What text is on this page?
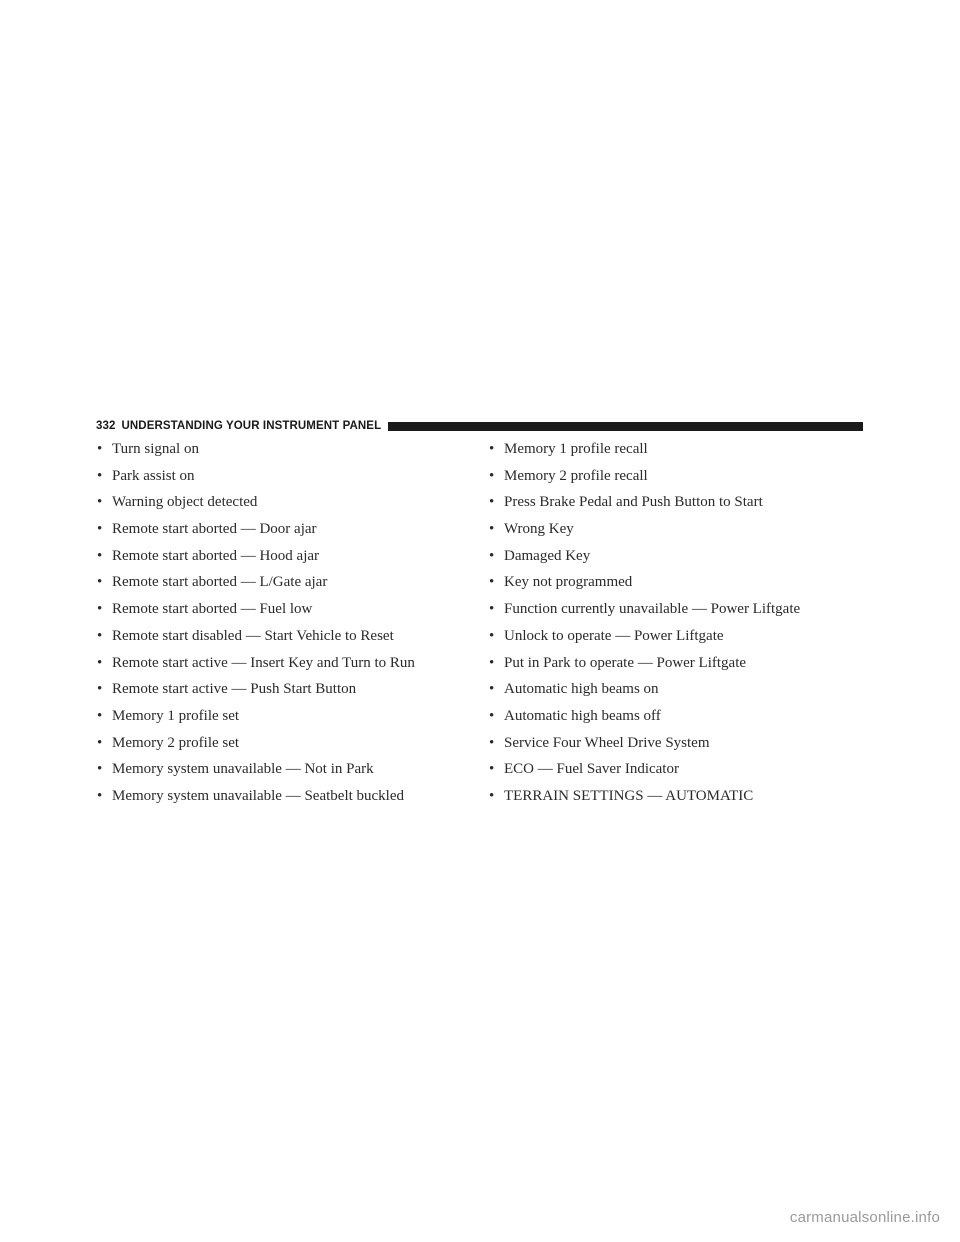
332 UNDERSTANDING YOUR INSTRUMENT PANEL
• Turn signal on
• Park assist on
• Warning object detected
• Remote start aborted — Door ajar
• Remote start aborted — Hood ajar
• Remote start aborted — L/Gate ajar
• Remote start aborted — Fuel low
• Remote start disabled — Start Vehicle to Reset
• Remote start active — Insert Key and Turn to Run
• Remote start active — Push Start Button
• Memory 1 profile set
• Memory 2 profile set
• Memory system unavailable — Not in Park
• Memory system unavailable — Seatbelt buckled
• Memory 1 profile recall
• Memory 2 profile recall
• Press Brake Pedal and Push Button to Start
• Wrong Key
• Damaged Key
• Key not programmed
• Function currently unavailable — Power Liftgate
• Unlock to operate — Power Liftgate
• Put in Park to operate — Power Liftgate
• Automatic high beams on
• Automatic high beams off
• Service Four Wheel Drive System
• ECO — Fuel Saver Indicator
• TERRAIN SETTINGS — AUTOMATIC
carmanualsonline.info
